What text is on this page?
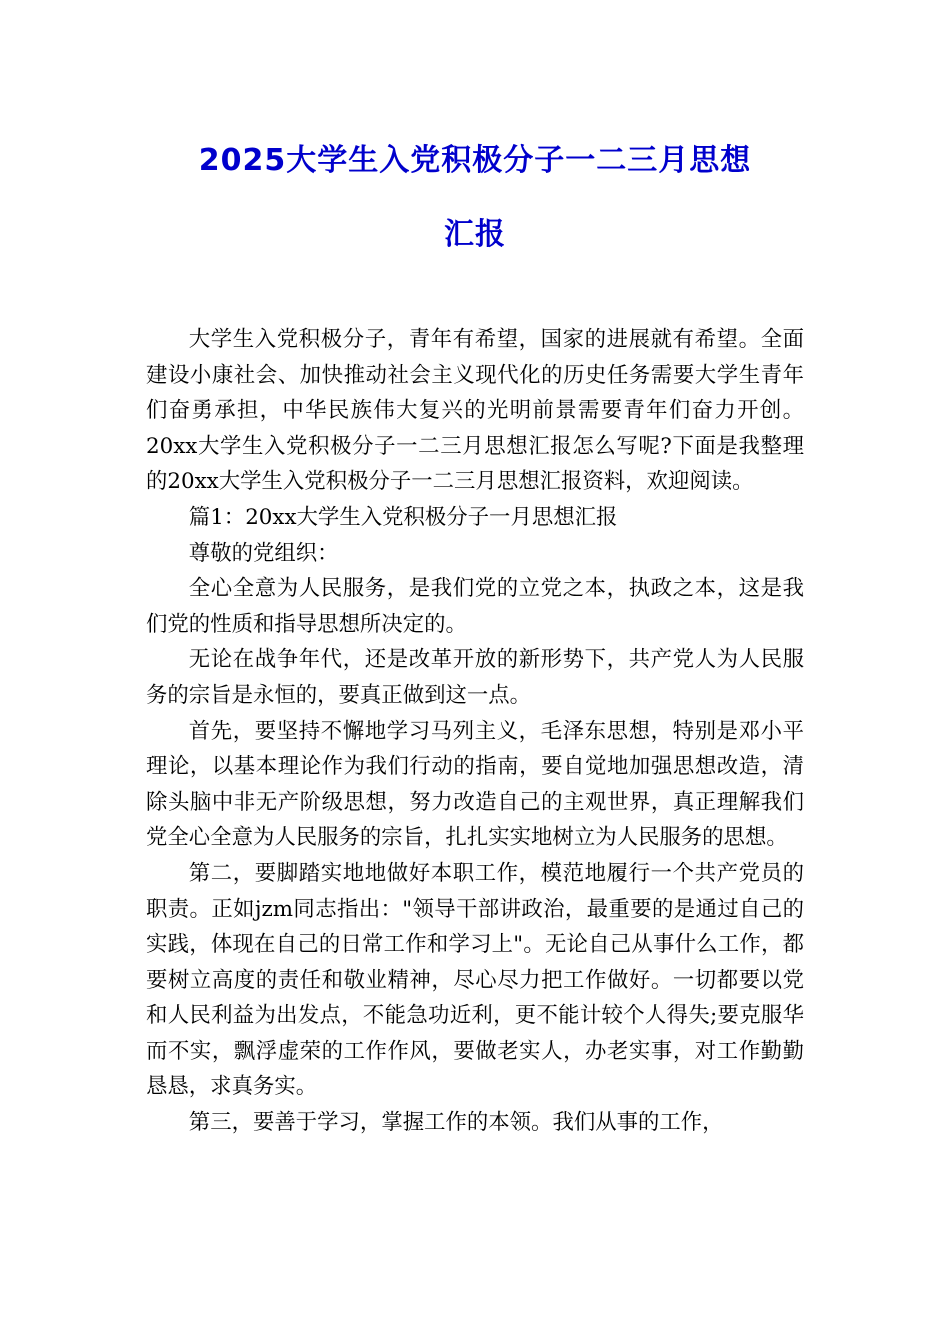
2025大学生入党积极分子一二三月思想
汇报

大学生入党积极分子，青年有希望，国家的进展就有希望。全面建设小康社会、加快推动社会主义现代化的历史任务需要大学生青年们奋勇承担，中华民族伟大复兴的光明前景需要青年们奋力开创。20xx大学生入党积极分子一二三月思想汇报怎么写呢?下面是我整理的20xx大学生入党积极分子一二三月思想汇报资料，欢迎阅读。

篇1：20xx大学生入党积极分子一月思想汇报

尊敬的党组织：

全心全意为人民服务，是我们党的立党之本，执政之本，这是我们党的性质和指导思想所决定的。

无论在战争年代，还是改革开放的新形势下，共产党人为人民服务的宗旨是永恒的，要真正做到这一点。

首先，要坚持不懈地学习马列主义，毛泽东思想，特别是邓小平理论，以基本理论作为我们行动的指南，要自觉地加强思想改造，清除头脑中非无产阶级思想，努力改造自己的主观世界，真正理解我们党全心全意为人民服务的宗旨，扎扎实实地树立为人民服务的思想。

第二，要脚踏实地地做好本职工作，模范地履行一个共产党员的职责。正如jzm同志指出："领导干部讲政治，最重要的是通过自己的实践，体现在自己的日常工作和学习上"。无论自己从事什么工作，都要树立高度的责任和敬业精神，尽心尽力把工作做好。一切都要以党和人民利益为出发点，不能急功近利，更不能计较个人得失;要克服华而不实，飘浮虚荣的工作作风，要做老实人，办老实事，对工作勤勤恳恳，求真务实。

第三，要善于学习，掌握工作的本领。我们从事的工作，
